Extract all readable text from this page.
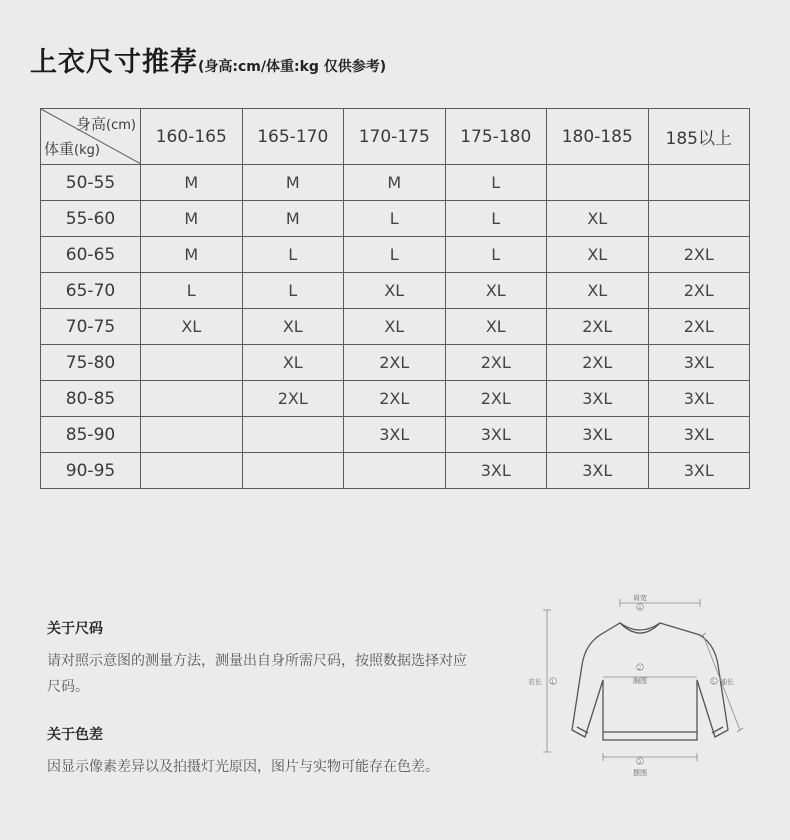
上衣尺寸推荐 (身高:cm/体重:kg 仅供参考)
身高(cm)
体重(kg)	160-165	165-170	170-175	175-180	180-185	185以上
50-55	M	M	M	L		
55-60	M	M	L	L	XL	
60-65	M	L	L	L	XL	2XL
65-70	L	L	XL	XL	XL	2XL
70-75	XL	XL	XL	XL	2XL	2XL
75-80		XL	2XL	2XL	2XL	3XL
80-85		2XL	2XL	2XL	3XL	3XL
85-90			3XL	3XL	3XL	3XL
90-95				3XL	3XL	3XL
关于尺码

请对照示意图的测量方法，测量出自身所需尺码，按照数据选择对应尺码。

关于色差

因显示像素差异以及拍摄灯光原因，图片与实物可能存在色差。

肩宽
4
2
胸围
衣长 1	5 袖长
3
摆围
